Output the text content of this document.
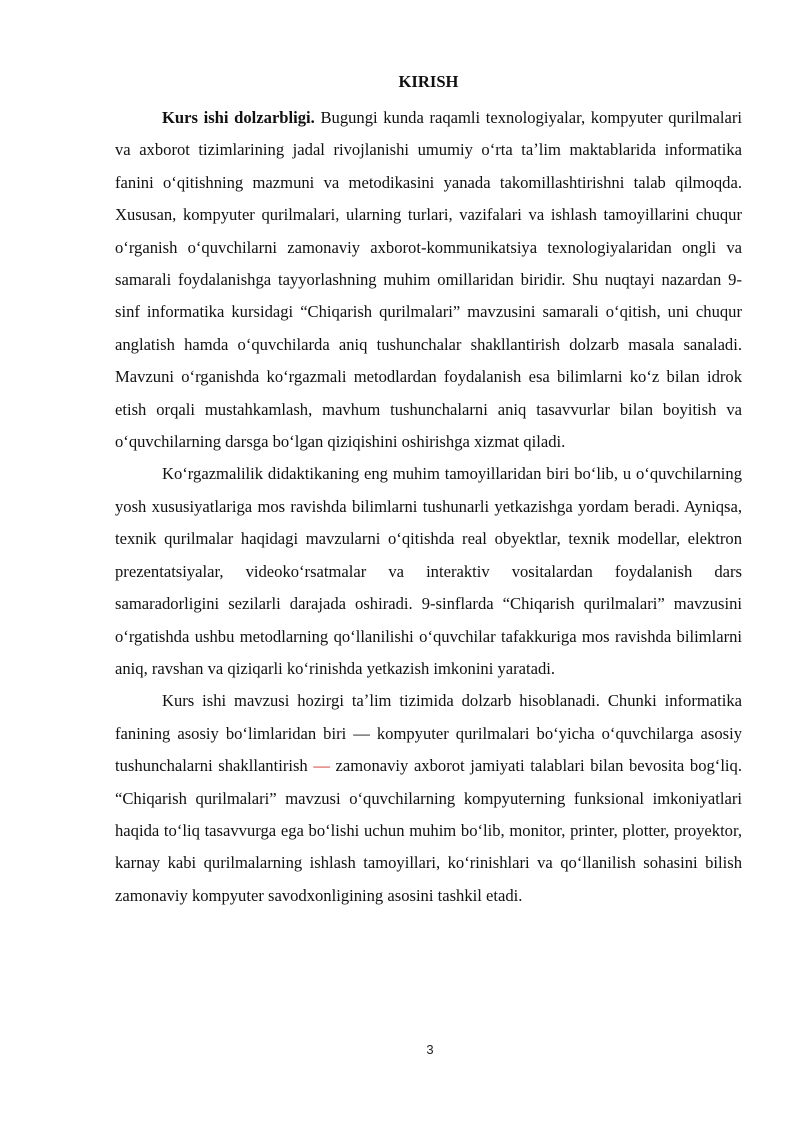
KIRISH

Kurs ishi dolzarbligi. Bugungi kunda raqamli texnologiyalar, kompyuter qurilmalari va axborot tizimlarining jadal rivojlanishi umumiy oʻrta taʼlim maktablarida informatika fanini oʻqitishning mazmuni va metodikasini yanada takomillashtirishni talab qilmoqda. Xususan, kompyuter qurilmalari, ularning turlari, vazifalari va ishlash tamoyillarini chuqur oʻrganish oʻquvchilarni zamonaviy axborot-kommunikatsiya texnologiyalaridan ongli va samarali foydalanishga tayyorlashning muhim omillaridan biridir. Shu nuqtayi nazardan 9-sinf informatika kursidagi “Chiqarish qurilmalari” mavzusini samarali oʻqitish, uni chuqur anglatish hamda oʻquvchilarda aniq tushunchalar shakllantirish dolzarb masala sanaladi. Mavzuni oʻrganishda koʻrgazmali metodlardan foydalanish esa bilimlarni koʻz bilan idrok etish orqali mustahkamlash, mavhum tushunchalarni aniq tasavvurlar bilan boyitish va oʻquvchilarning darsga boʻlgan qiziqishini oshirishga xizmat qiladi.

Koʻrgazmalilik didaktikaning eng muhim tamoyillaridan biri boʻlib, u oʻquvchilarning yosh xususiyatlariga mos ravishda bilimlarni tushunarli yetkazishga yordam beradi. Ayniqsa, texnik qurilmalar haqidagi mavzularni oʻqitishda real obyektlar, texnik modellar, elektron prezentatsiyalar, videokoʻrsatmalar va interaktiv vositalardan foydalanish dars samaradorligini sezilarli darajada oshiradi. 9-sinflarda “Chiqarish qurilmalari” mavzusini oʻrgatishda ushbu metodlarning qoʻllanilishi oʻquvchilar tafakkuriga mos ravishda bilimlarni aniq, ravshan va qiziqarli koʻrinishda yetkazish imkonini yaratadi.

Kurs ishi mavzusi hozirgi taʼlim tizimida dolzarb hisoblanadi. Chunki informatika fanining asosiy boʻlimlaridan biri — kompyuter qurilmalari boʻyicha oʻquvchilarga asosiy tushunchalarni shakllantirish — zamonaviy axborot jamiyati talablari bilan bevosita bogʻliq. “Chiqarish qurilmalari” mavzusi oʻquvchilarning kompyuterning funksional imkoniyatlari haqida toʻliq tasavvurga ega boʻlishi uchun muhim boʻlib, monitor, printer, plotter, proyektor, karnay kabi qurilmalarning ishlash tamoyillari, koʻrinishlari va qoʻllanilish sohasini bilish zamonaviy kompyuter savodxonligining asosini tashkil etadi.

3
